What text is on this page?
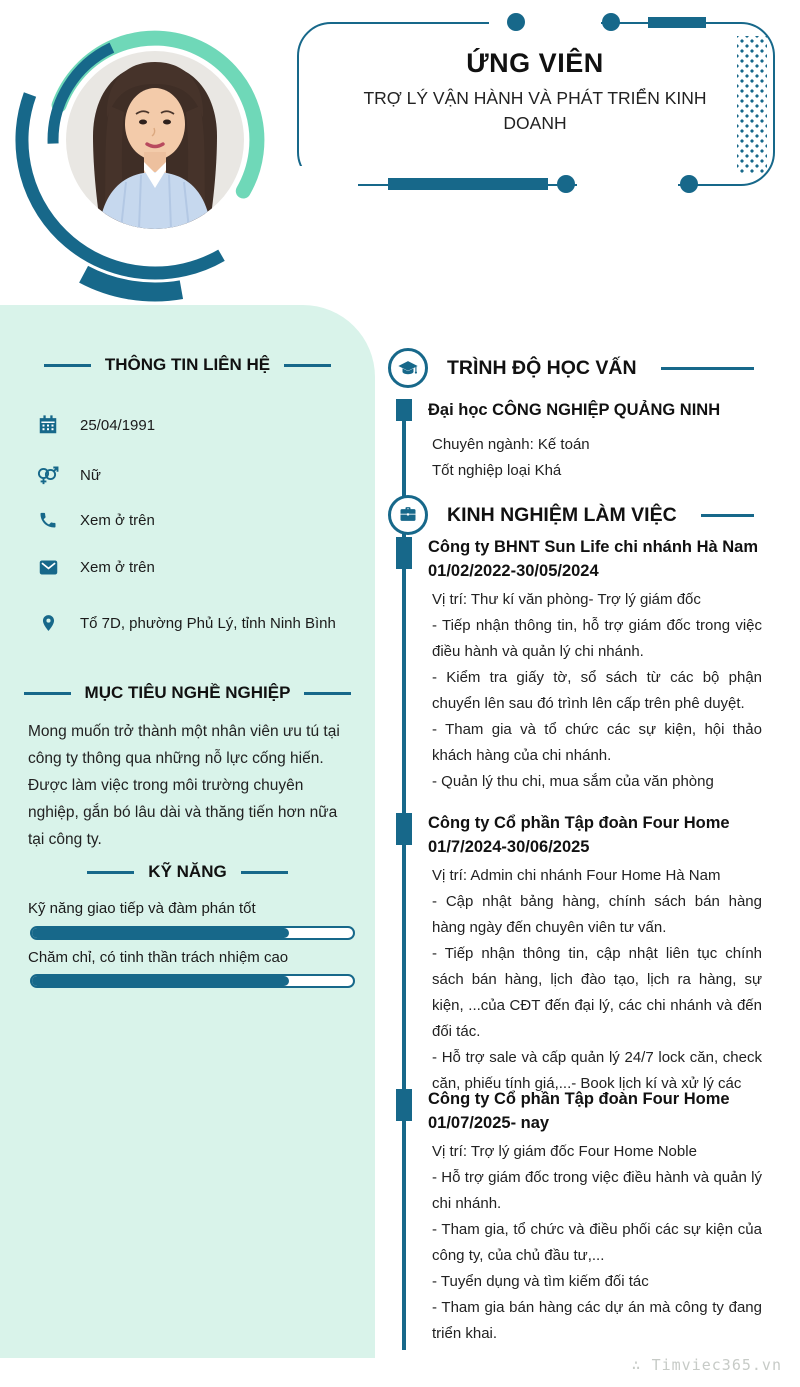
ỨNG VIÊN
TRỢ LÝ VẬN HÀNH VÀ PHÁT TRIỂN KINH DOANH
THÔNG TIN LIÊN HỆ
25/04/1991
Nữ
Xem ở trên
Xem ở trên
Tổ 7D, phường Phủ Lý, tỉnh Ninh Bình
MỤC TIÊU NGHỀ NGHIỆP

Mong muốn trở thành một nhân viên ưu tú tại công ty thông qua những nỗ lực cống hiến.

Được làm việc trong môi trường chuyên nghiệp, gắn bó lâu dài và thăng tiến hơn nữa tại công ty.

KỸ NĂNG
Kỹ năng giao tiếp và đàm phán tốt
Chăm chỉ, có tinh thần trách nhiệm cao
TRÌNH ĐỘ HỌC VẤN
Đại học CÔNG NGHIỆP QUẢNG NINH

Chuyên ngành: Kế toán

Tốt nghiệp loại Khá

KINH NGHIỆM LÀM VIỆC
Công ty BHNT Sun Life chi nhánh Hà Nam
01/02/2022-30/05/2024

Vị trí: Thư kí văn phòng- Trợ lý giám đốc

- Tiếp nhận thông tin, hỗ trợ giám đốc trong việc điều hành và quản lý chi nhánh.

- Kiểm tra giấy tờ, sổ sách từ các bộ phận chuyển lên sau đó trình lên cấp trên phê duyệt.

- Tham gia và tổ chức các sự kiện, hội thảo khách hàng của chi nhánh.

- Quản lý thu chi, mua sắm của văn phòng

Công ty Cổ phần Tập đoàn Four Home
01/7/2024-30/06/2025

Vị trí: Admin chi nhánh Four Home Hà Nam

- Cập nhật bảng hàng, chính sách bán hàng hàng ngày đến chuyên viên tư vấn.

- Tiếp nhận thông tin, cập nhật liên tục chính sách bán hàng, lịch đào tạo, lịch ra hàng, sự kiện, ...của CĐT đến đại lý, các chi nhánh và đến đối tác.

- Hỗ trợ sale và cấp quản lý 24/7 lock căn, check căn, phiếu tính giá,...- Book lịch kí và xử lý các

Công ty Cổ phần Tập đoàn Four Home
01/07/2025- nay

Vị trí: Trợ lý giám đốc Four Home Noble

- Hỗ trợ giám đốc trong việc điều hành và quản lý chi nhánh.

- Tham gia, tổ chức và điều phối các sự kiện của công ty, của chủ đầu tư,...

- Tuyển dụng và tìm kiếm đối tác

- Tham gia bán hàng các dự án mà công ty đang triển khai.

∴ Timviec365.vn
